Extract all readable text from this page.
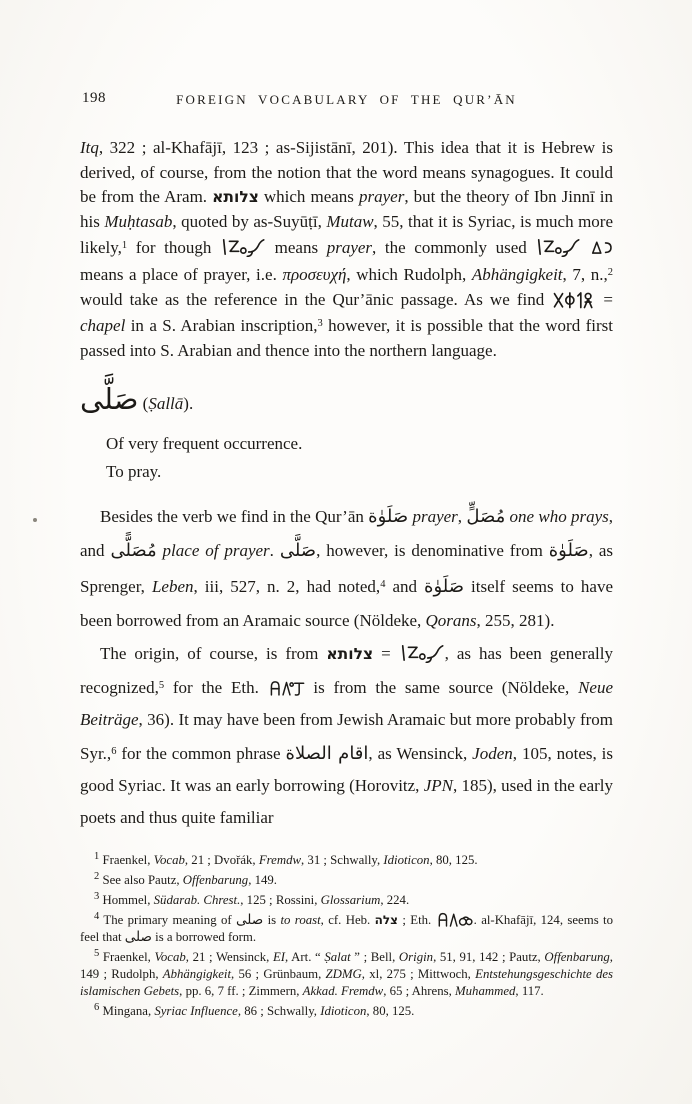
198	FOREIGN VOCABULARY OF THE QUR’ĀN

Itq, 322 ; al-Khafājī, 123 ; as-Sijistānī, 201). This idea that it is Hebrew is derived, of course, from the notion that the word means synagogues. It could be from the Aram. צלותא which means prayer, but the theory of Ibn Jinnī in his Muḥtasab, quoted by as-Suyūṭī, Mutaw, 55, that it is Syriac, is much more likely,$^1$ for though	means prayer, the commonly used   means a place of prayer, i.e. προσευχή, which Rudolph, Abhängigkeit, 7, n.,$^2$ would take as the reference in the Qur’ānic passage. As we find	= chapel in a S. Arabian inscription,$^3$ however, it is possible that the word first passed into S. Arabian and thence into the northern language.

صَلَّى (Ṣallā).

Of very frequent occurrence.
To pray.

Besides the verb we find in the Qur’ān صَلَوٰة prayer, مُصَلٍّ one who prays, and مُصَلًّى place of prayer. صَلَّى, however, is denominative from صَلَوٰة, as Sprenger, Leben, iii, 527, n. 2, had noted,$^4$ and صَلَوٰة itself seems to have been borrowed from an Aramaic source (Nöldeke, Qorans, 255, 281).

The origin, of course, is from צלותא =	, as has been generally recognized,$^5$ for the Eth.  is from the same source (Nöldeke, Neue Beiträge, 36). It may have been from Jewish Aramaic but more probably from Syr.,$^6$ for the common phrase اقام الصلاة, as Wensinck, Joden, 105, notes, is good Syriac. It was an early borrowing (Horovitz, JPN, 185), used in the early poets and thus quite familiar

$^1$ Fraenkel, Vocab, 21 ; Dvořák, Fremdw, 31 ; Schwally, Idioticon, 80, 125.

$^2$ See also Pautz, Offenbarung, 149.

$^3$ Hommel, Südarab. Chrest., 125 ; Rossini, Glossarium, 224.

$^4$ The primary meaning of صلى is to roast, cf. Heb. צלה ; Eth.	. al-Khafājī, 124, seems to feel that صلى is a borrowed form.

$^5$ Fraenkel, Vocab, 21 ; Wensinck, EI, Art. “ Ṣalat ” ; Bell, Origin, 51, 91, 142 ; Pautz, Offenbarung, 149 ; Rudolph, Abhängigkeit, 56 ; Grünbaum, ZDMG, xl, 275 ; Mittwoch, Entstehungsgeschichte des islamischen Gebets, pp. 6, 7 ff. ; Zimmern, Akkad. Fremdw, 65 ; Ahrens, Muhammed, 117.

$^6$ Mingana, Syriac Influence, 86 ; Schwally, Idioticon, 80, 125.
